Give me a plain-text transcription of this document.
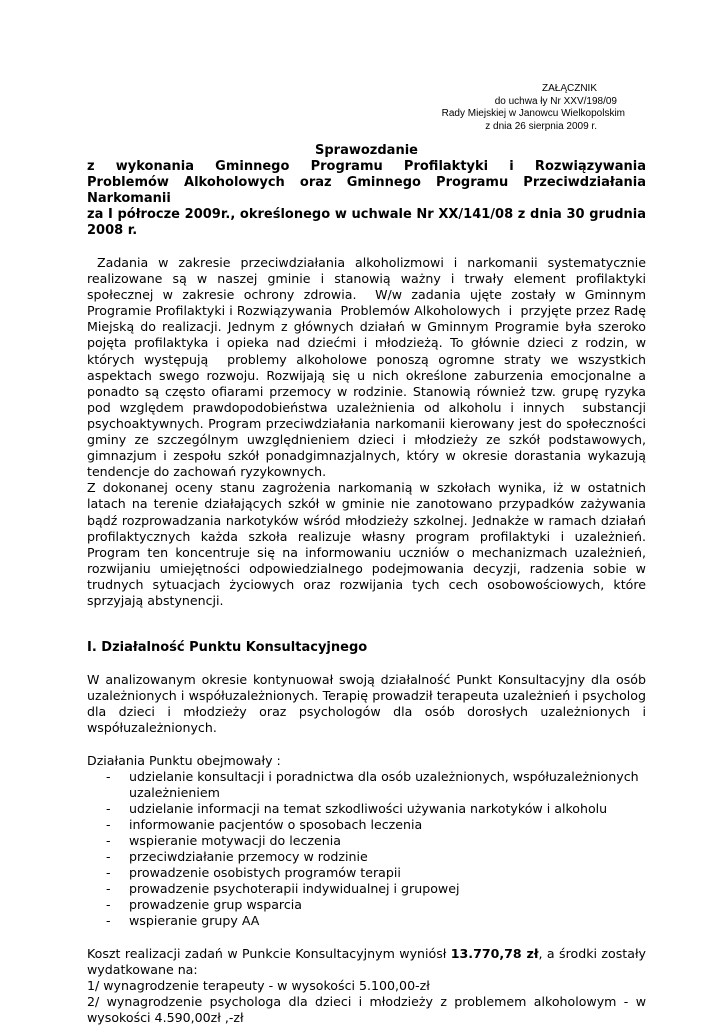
ZAŁĄCZNIK
do uchwa ły Nr XXV/198/09
Rady Miejskiej w Janowcu Wielkopolskim
z dnia 26 sierpnia 2009 r.
Sprawozdanie
z wykonania Gminnego Programu Profilaktyki i Rozwiązywania
Problemów Alkoholowych oraz Gminnego Programu Przeciwdziałania Narkomanii
za I półrocze 2009r., określonego w uchwale Nr XX/141/08 z dnia 30 grudnia
2008 r.

Zadania w zakresie przeciwdziałania alkoholizmowi i narkomanii systematycznie realizowane są w naszej gminie i stanowią ważny i trwały element profilaktyki społecznej w zakresie ochrony zdrowia.  W/w zadania ujęte zostały w Gminnym Programie Profilaktyki i Rozwiązywania  Problemów Alkoholowych  i  przyjęte przez Radę Miejską do realizacji. Jednym z głównych działań w Gminnym Programie była szeroko pojęta profilaktyka i opieka nad dziećmi i młodzieżą. To głównie dzieci z rodzin, w których występują  problemy alkoholowe ponoszą ogromne straty we wszystkich  aspektach swego rozwoju. Rozwijają się u nich określone zaburzenia emocjonalne a ponadto są często ofiarami przemocy w rodzinie. Stanowią również tzw. grupę ryzyka pod względem prawdopodobieństwa uzależnienia od alkoholu i innych  substancji psychoaktywnych. Program przeciwdziałania narkomanii kierowany jest do społeczności gminy ze szczególnym uwzględnieniem dzieci i młodzieży ze szkół podstawowych, gimnazjum i zespołu szkół ponadgimnazjalnych, który w okresie dorastania wykazują tendencje do zachowań ryzykownych.

Z dokonanej oceny stanu zagrożenia narkomanią w szkołach wynika, iż w ostatnich latach na terenie działających szkół w gminie nie zanotowano przypadków zażywania bądź rozprowadzania narkotyków wśród młodzieży szkolnej. Jednakże w ramach działań profilaktycznych każda szkoła realizuje własny program profilaktyki i uzależnień. Program ten koncentruje się na informowaniu uczniów o mechanizmach uzależnień, rozwijaniu umiejętności odpowiedzialnego podejmowania decyzji, radzenia sobie w trudnych sytuacjach życiowych oraz rozwijania tych cech osobowościowych, które sprzyjają abstynencji.

I. Działalność Punktu Konsultacyjnego

W analizowanym okresie kontynuował swoją działalność Punkt Konsultacyjny dla osób uzależnionych i współuzależnionych. Terapię prowadził terapeuta uzależnień i psycholog dla dzieci i młodzieży oraz psychologów dla osób dorosłych uzależnionych i współuzależnionych.

Działania Punktu obejmowały :
- udzielanie konsultacji i poradnictwa dla osób uzależnionych, współuzależnionych uzależnieniem
- udzielanie informacji na temat szkodliwości używania narkotyków i alkoholu
- informowanie pacjentów o sposobach leczenia
- wspieranie motywacji do leczenia
- przeciwdziałanie przemocy w rodzinie
- prowadzenie osobistych programów terapii
- prowadzenie psychoterapii indywidualnej i grupowej
- prowadzenie grup wsparcia
- wspieranie grupy AA

Koszt realizacji zadań w Punkcie Konsultacyjnym wyniósł 13.770,78 zł, a środki zostały wydatkowane na:

1/ wynagrodzenie terapeuty - w wysokości 5.100,00-zł

2/ wynagrodzenie psychologa dla dzieci i młodzieży z problemem alkoholowym - w wysokości 4.590,00zł ,-zł
